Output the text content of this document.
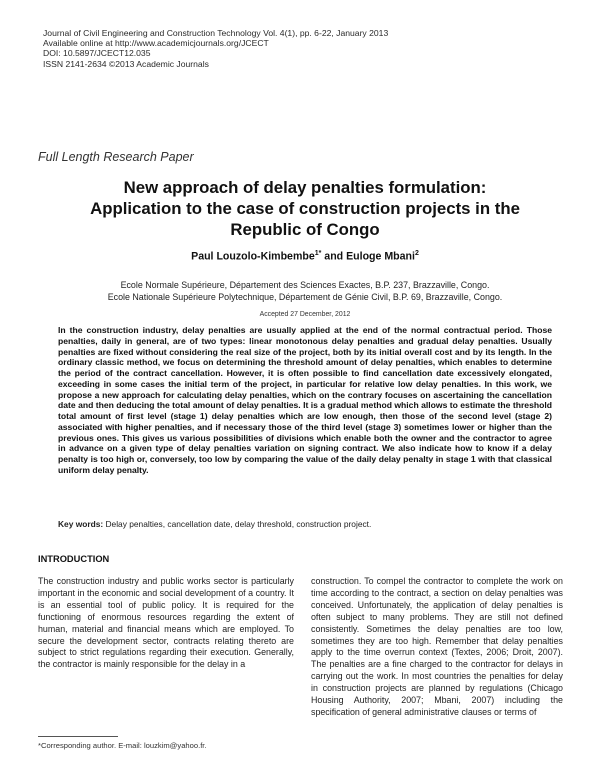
Journal of Civil Engineering and Construction Technology Vol. 4(1), pp. 6-22, January 2013
Available online at http://www.academicjournals.org/JCECT
DOI: 10.5897/JCECT12.035
ISSN 2141-2634 ©2013 Academic Journals
Full Length Research Paper
New approach of delay penalties formulation:
Application to the case of construction projects in the
Republic of Congo
Paul Louzolo-Kimbembe$^{1*}$ and Euloge Mbani$^2$
Ecole Normale Supérieure, Département des Sciences Exactes, B.P. 237, Brazzaville, Congo.
Ecole Nationale Supérieure Polytechnique, Département de Génie Civil, B.P. 69, Brazzaville, Congo.
Accepted 27 December, 2012

In the construction industry, delay penalties are usually applied at the end of the normal contractual period. Those penalties, daily in general, are of two types: linear monotonous delay penalties and gradual delay penalties. Usually penalties are fixed without considering the real size of the project, both by its initial overall cost and by its length. In the ordinary classic method, we focus on determining the threshold amount of delay penalties, which enables to determine the period of the contract cancellation. However, it is often possible to find cancellation date excessively elongated, exceeding in some cases the initial term of the project, in particular for relative low delay penalties. In this work, we propose a new approach for calculating delay penalties, which on the contrary focuses on ascertaining the cancellation date and then deducing the total amount of delay penalties. It is a gradual method which allows to estimate the threshold total amount of first level (stage 1) delay penalties which are low enough, then those of the second level (stage 2) associated with higher penalties, and if necessary those of the third level (stage 3) sometimes lower or higher than the previous ones. This gives us various possibilities of divisions which enable both the owner and the contractor to agree in advance on a given type of delay penalties variation on signing contract. We also indicate how to know if a delay penalty is too high or, conversely, too low by comparing the value of the daily delay penalty in stage 1 with that classical uniform delay penalty.

Key words: Delay penalties, cancellation date, delay threshold, construction project.
INTRODUCTION

The construction industry and public works sector is particularly important in the economic and social development of a country. It is an essential tool of public policy. It is required for the functioning of enormous resources regarding the extent of human, material and financial means which are employed. To secure the development sector, contracts relating thereto are subject to strict regulations regarding their execution. Generally, the contractor is mainly responsible for the delay in a

construction. To compel the contractor to complete the work on time according to the contract, a section on delay penalties was conceived. Unfortunately, the application of delay penalties is often subject to many problems. They are still not defined consistently. Sometimes the delay penalties are too low, sometimes they are too high. Remember that delay penalties apply to the time overrun context (Textes, 2006; Droit, 2007). The penalties are a fine charged to the contractor for delays in carrying out the work. In most countries the penalties for delay in construction projects are planned by regulations (Chicago Housing Authority, 2007; Mbani, 2007) including the specification of general administrative clauses or terms of

*Corresponding author. E-mail: louzkim@yahoo.fr.
